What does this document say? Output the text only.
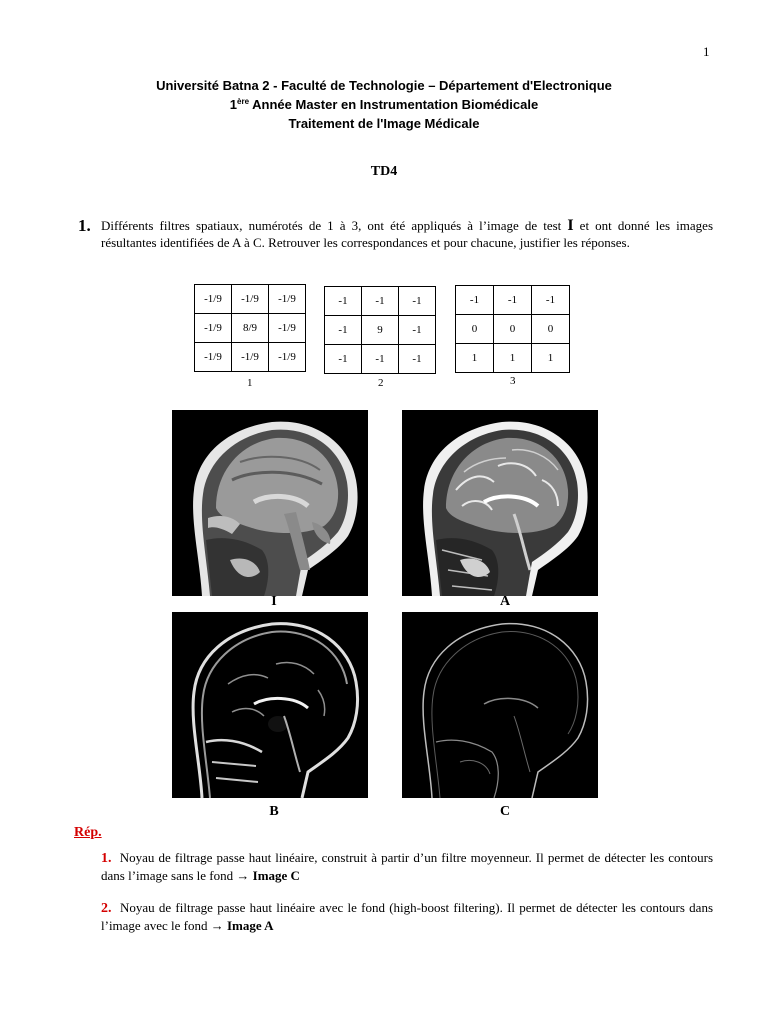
1
Université Batna 2 - Faculté de Technologie – Département d'Electronique
1ère Année Master en Instrumentation Biomédicale
Traitement de l'Image Médicale
TD4
1. Différents filtres spatiaux, numérotés de 1 à 3, ont été appliqués à l’image de test I et ont donné les images résultantes identifiées de A à C. Retrouver les correspondances et pour chacune, justifier les réponses.
-1/9	-1/9	-1/9
-1/9	8/9	-1/9
-1/9	-1/9	-1/9
1
-1	-1	-1
-1	9	-1
-1	-1	-1
2
-1	-1	-1
0	0	0
1	1	1
3
I	A
B	C
Rép.
1. Noyau de filtrage passe haut linéaire, construit à partir d’un filtre moyenneur. Il permet de détecter les contours dans l’image sans le fond → Image C
2. Noyau de filtrage passe haut linéaire avec le fond (high-boost filtering). Il permet de détecter les contours dans l’image avec le fond → Image A
